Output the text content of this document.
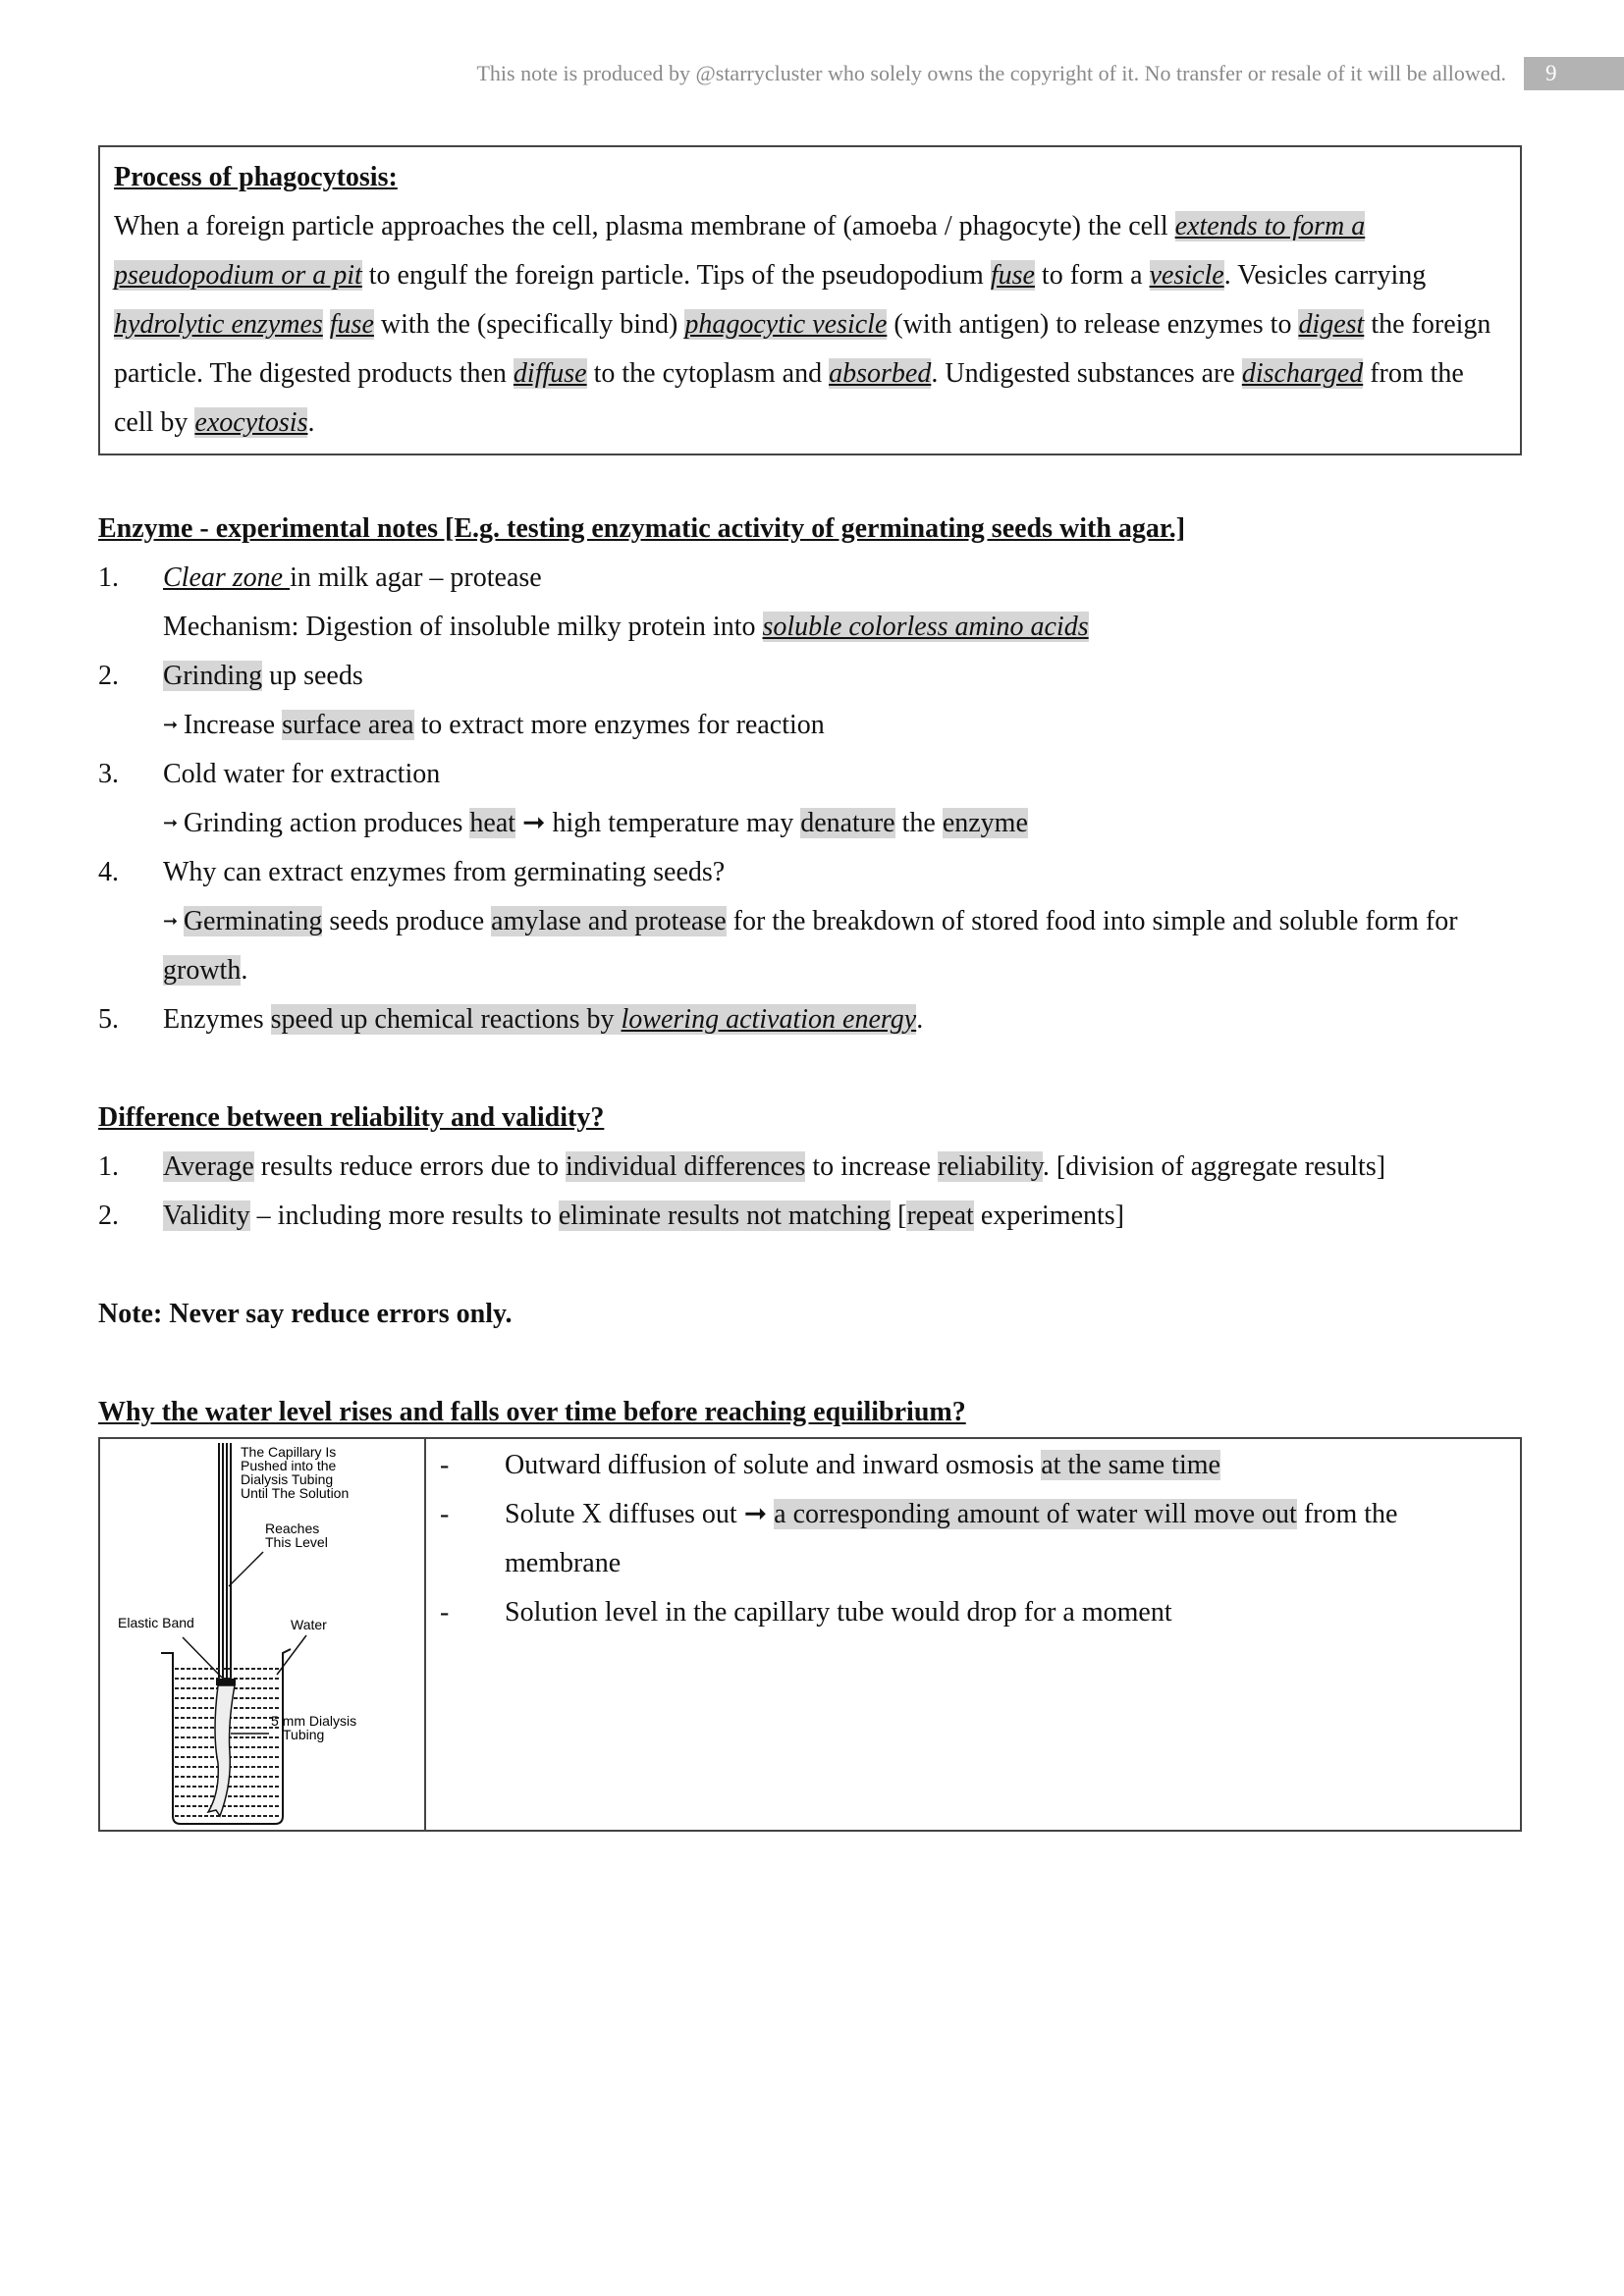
This note is produced by @starrycluster who solely owns the copyright of it. No transfer or resale of it will be allowed.	9
Process of phagocytosis:

When a foreign particle approaches the cell, plasma membrane of (amoeba / phagocyte) the cell extends to form a pseudopodium or a pit to engulf the foreign particle. Tips of the pseudopodium fuse to form a vesicle. Vesicles carrying hydrolytic enzymes fuse with the (specifically bind) phagocytic vesicle (with antigen) to release enzymes to digest the foreign particle. The digested products then diffuse to the cytoplasm and absorbed. Undigested substances are discharged from the cell by exocytosis.

Enzyme - experimental notes [E.g. testing enzymatic activity of germinating seeds with agar.]
1. Clear zone in milk agar – protease
Mechanism: Digestion of insoluble milky protein into soluble colorless amino acids
2. Grinding up seeds
➞ Increase surface area to extract more enzymes for reaction
3. Cold water for extraction
➞ Grinding action produces heat ➞ high temperature may denature the enzyme
4. Why can extract enzymes from germinating seeds?
➞ Germinating seeds produce amylase and protease for the breakdown of stored food into simple and soluble form for growth.
5. Enzymes speed up chemical reactions by lowering activation energy.
Difference between reliability and validity?
1. Average results reduce errors due to individual differences to increase reliability. [division of aggregate results]
2. Validity – including more results to eliminate results not matching [repeat experiments]
Note: Never say reduce errors only.
Why the water level rises and falls over time before reaching equilibrium?
The Capillary Is
Pushed into the
Dialysis Tubing
Until The Solution
Reaches
This Level
Elastic Band	Water
5 mm Dialysis
Tubing
- Outward diffusion of solute and inward osmosis at the same time
- Solute X diffuses out ➞ a corresponding amount of water will move out from the membrane
- Solution level in the capillary tube would drop for a moment
